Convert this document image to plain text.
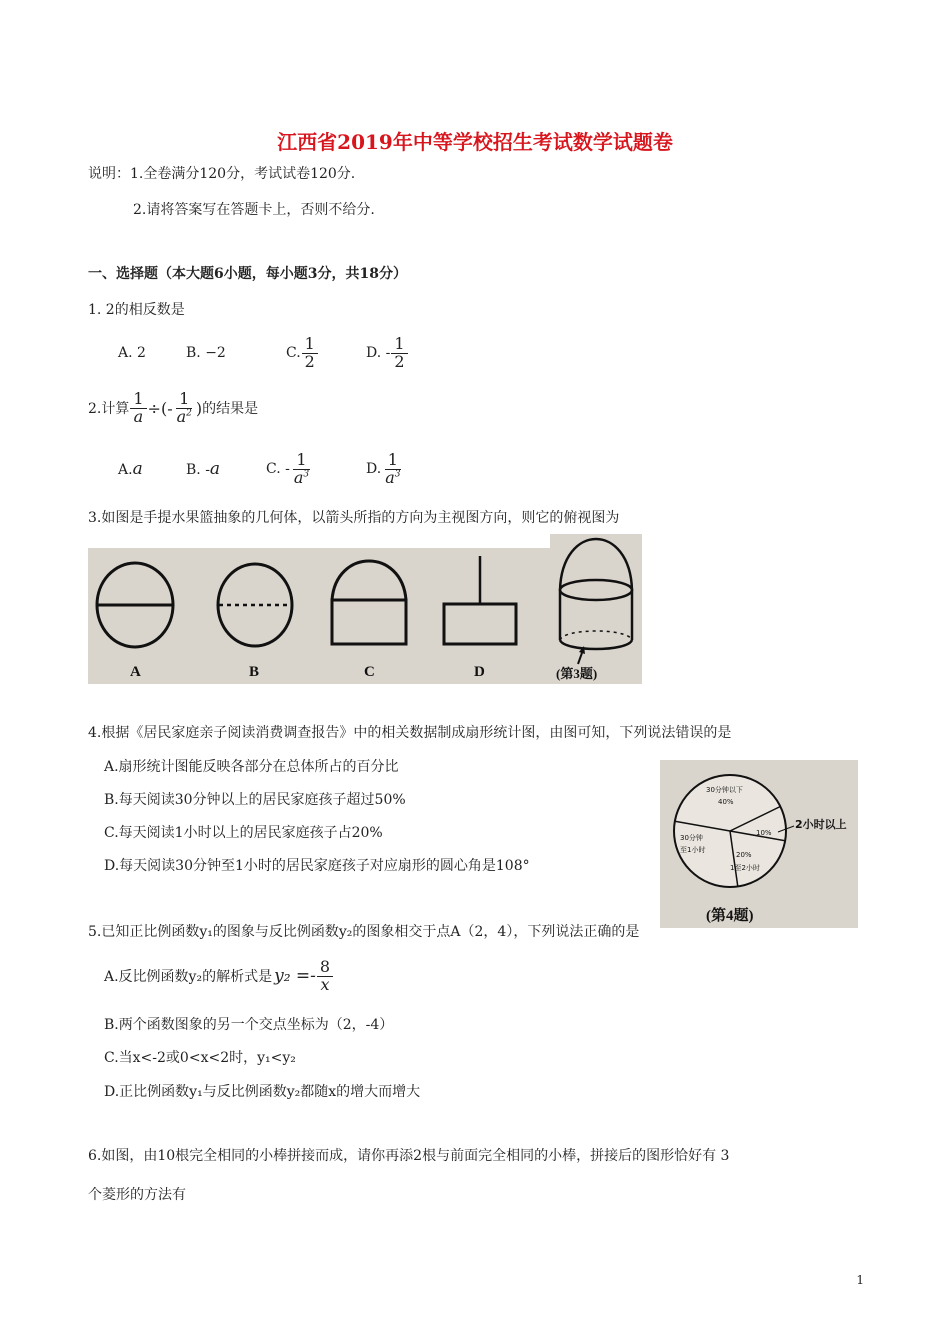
江西省2019年中等学校招生考试数学试题卷
说明：1.全卷满分120分，考试试卷120分.
2.请将答案写在答题卡上，否则不给分.
一、选择题（本大题6小题，每小题3分，共18分）
1. 2的相反数是
A. 2	B. −2	C. $\frac{1}{2}$	D. - $\frac{1}{2}$
2.计算 $\frac{1}{a}$ ÷(- $\frac{1}{a^2}$ ) 的结果是
A.a	B. -a	C. - $\frac{1}{a^3}$	D. $\frac{1}{a^3}$
3.如图是手提水果篮抽象的几何体，以箭头所指的方向为主视图方向，则它的俯视图为
A	B	C	D	(第3题)
4.根据《居民家庭亲子阅读消费调查报告》中的相关数据制成扇形统计图，由图可知，下列说法错误的是
A.扇形统计图能反映各部分在总体所占的百分比
B.每天阅读30分钟以上的居民家庭孩子超过50%
C.每天阅读1小时以上的居民家庭孩子占20%
D.每天阅读30分钟至1小时的居民家庭孩子对应扇形的圆心角是108°
30分钟以下
40%
30分钟
至1小时
20%
1至2小时
10%
2小时以上
(第4题)
5.已知正比例函数y₁的图象与反比例函数y₂的图象相交于点A（2，4），下列说法正确的是
A.反比例函数y₂的解析式是 $y_2 =- \frac{8}{x}$
B.两个函数图象的另一个交点坐标为（2，-4）
C.当x<-2或0<x<2时，y₁<y₂
D.正比例函数y₁与反比例函数y₂都随x的增大而增大
6.如图，由10根完全相同的小棒拼接而成，请你再添2根与前面完全相同的小棒，拼接后的图形恰好有 3
个菱形的方法有
1
